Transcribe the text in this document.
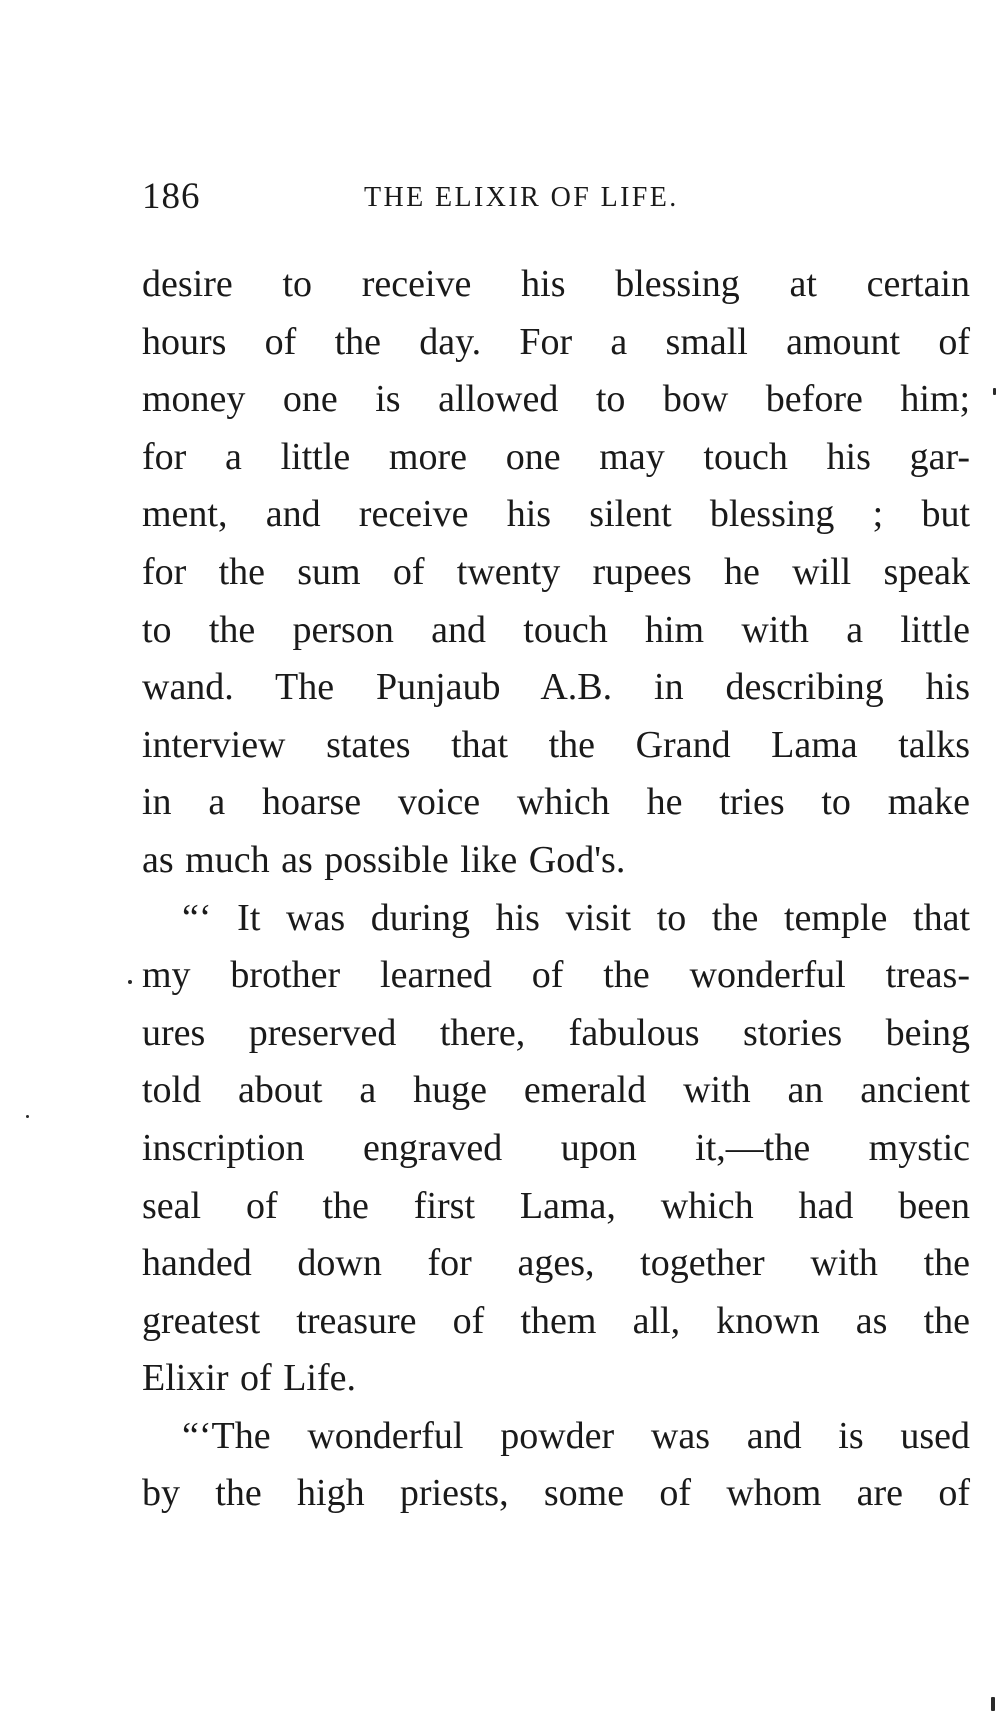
186	THE ELIXIR OF LIFE.

desire to receive his blessing at certain
hours of the day. For a small amount of
money one is allowed to bow before him;
for a little more one may touch his gar-
ment, and receive his silent blessing ; but
for the sum of twenty rupees he will speak
to the person and touch him with a little
wand. The Punjaub A.B. in describing his
interview states that the Grand Lama talks
in a hoarse voice which he tries to make
as much as possible like God's.

“‘ It was during his visit to the temple that
my brother learned of the wonderful treas-
ures preserved there, fabulous stories being
told about a huge emerald with an ancient
inscription engraved upon it,—the mystic
seal of the first Lama, which had been
handed down for ages, together with the
greatest treasure of them all, known as the
Elixir of Life.

“‘The wonderful powder was and is used
by the high priests, some of whom are of
